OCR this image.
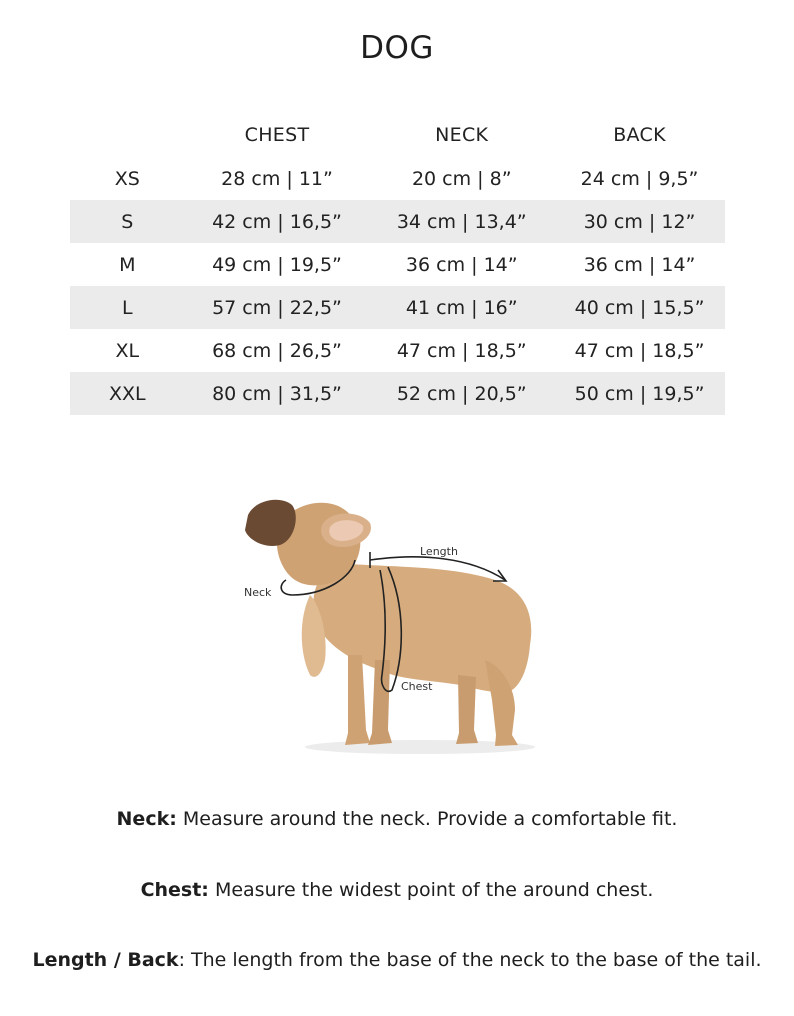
DOG
	CHEST	NECK	BACK
XS	28 cm | 11”	20 cm | 8”	24 cm | 9,5”
S	42 cm | 16,5”	34 cm | 13,4”	30 cm | 12”
M	49 cm | 19,5”	36 cm | 14”	36 cm | 14”
L	57 cm | 22,5”	41 cm | 16”	40 cm | 15,5”
XL	68 cm | 26,5”	47 cm | 18,5”	47 cm | 18,5”
XXL	80 cm | 31,5”	52 cm | 20,5”	50 cm | 19,5”
Length
Neck
Chest
Neck: Measure around the neck. Provide a comfortable fit.
Chest: Measure the widest point of the around chest.
Length / Back: The length from the base of the neck to the base of the tail.
